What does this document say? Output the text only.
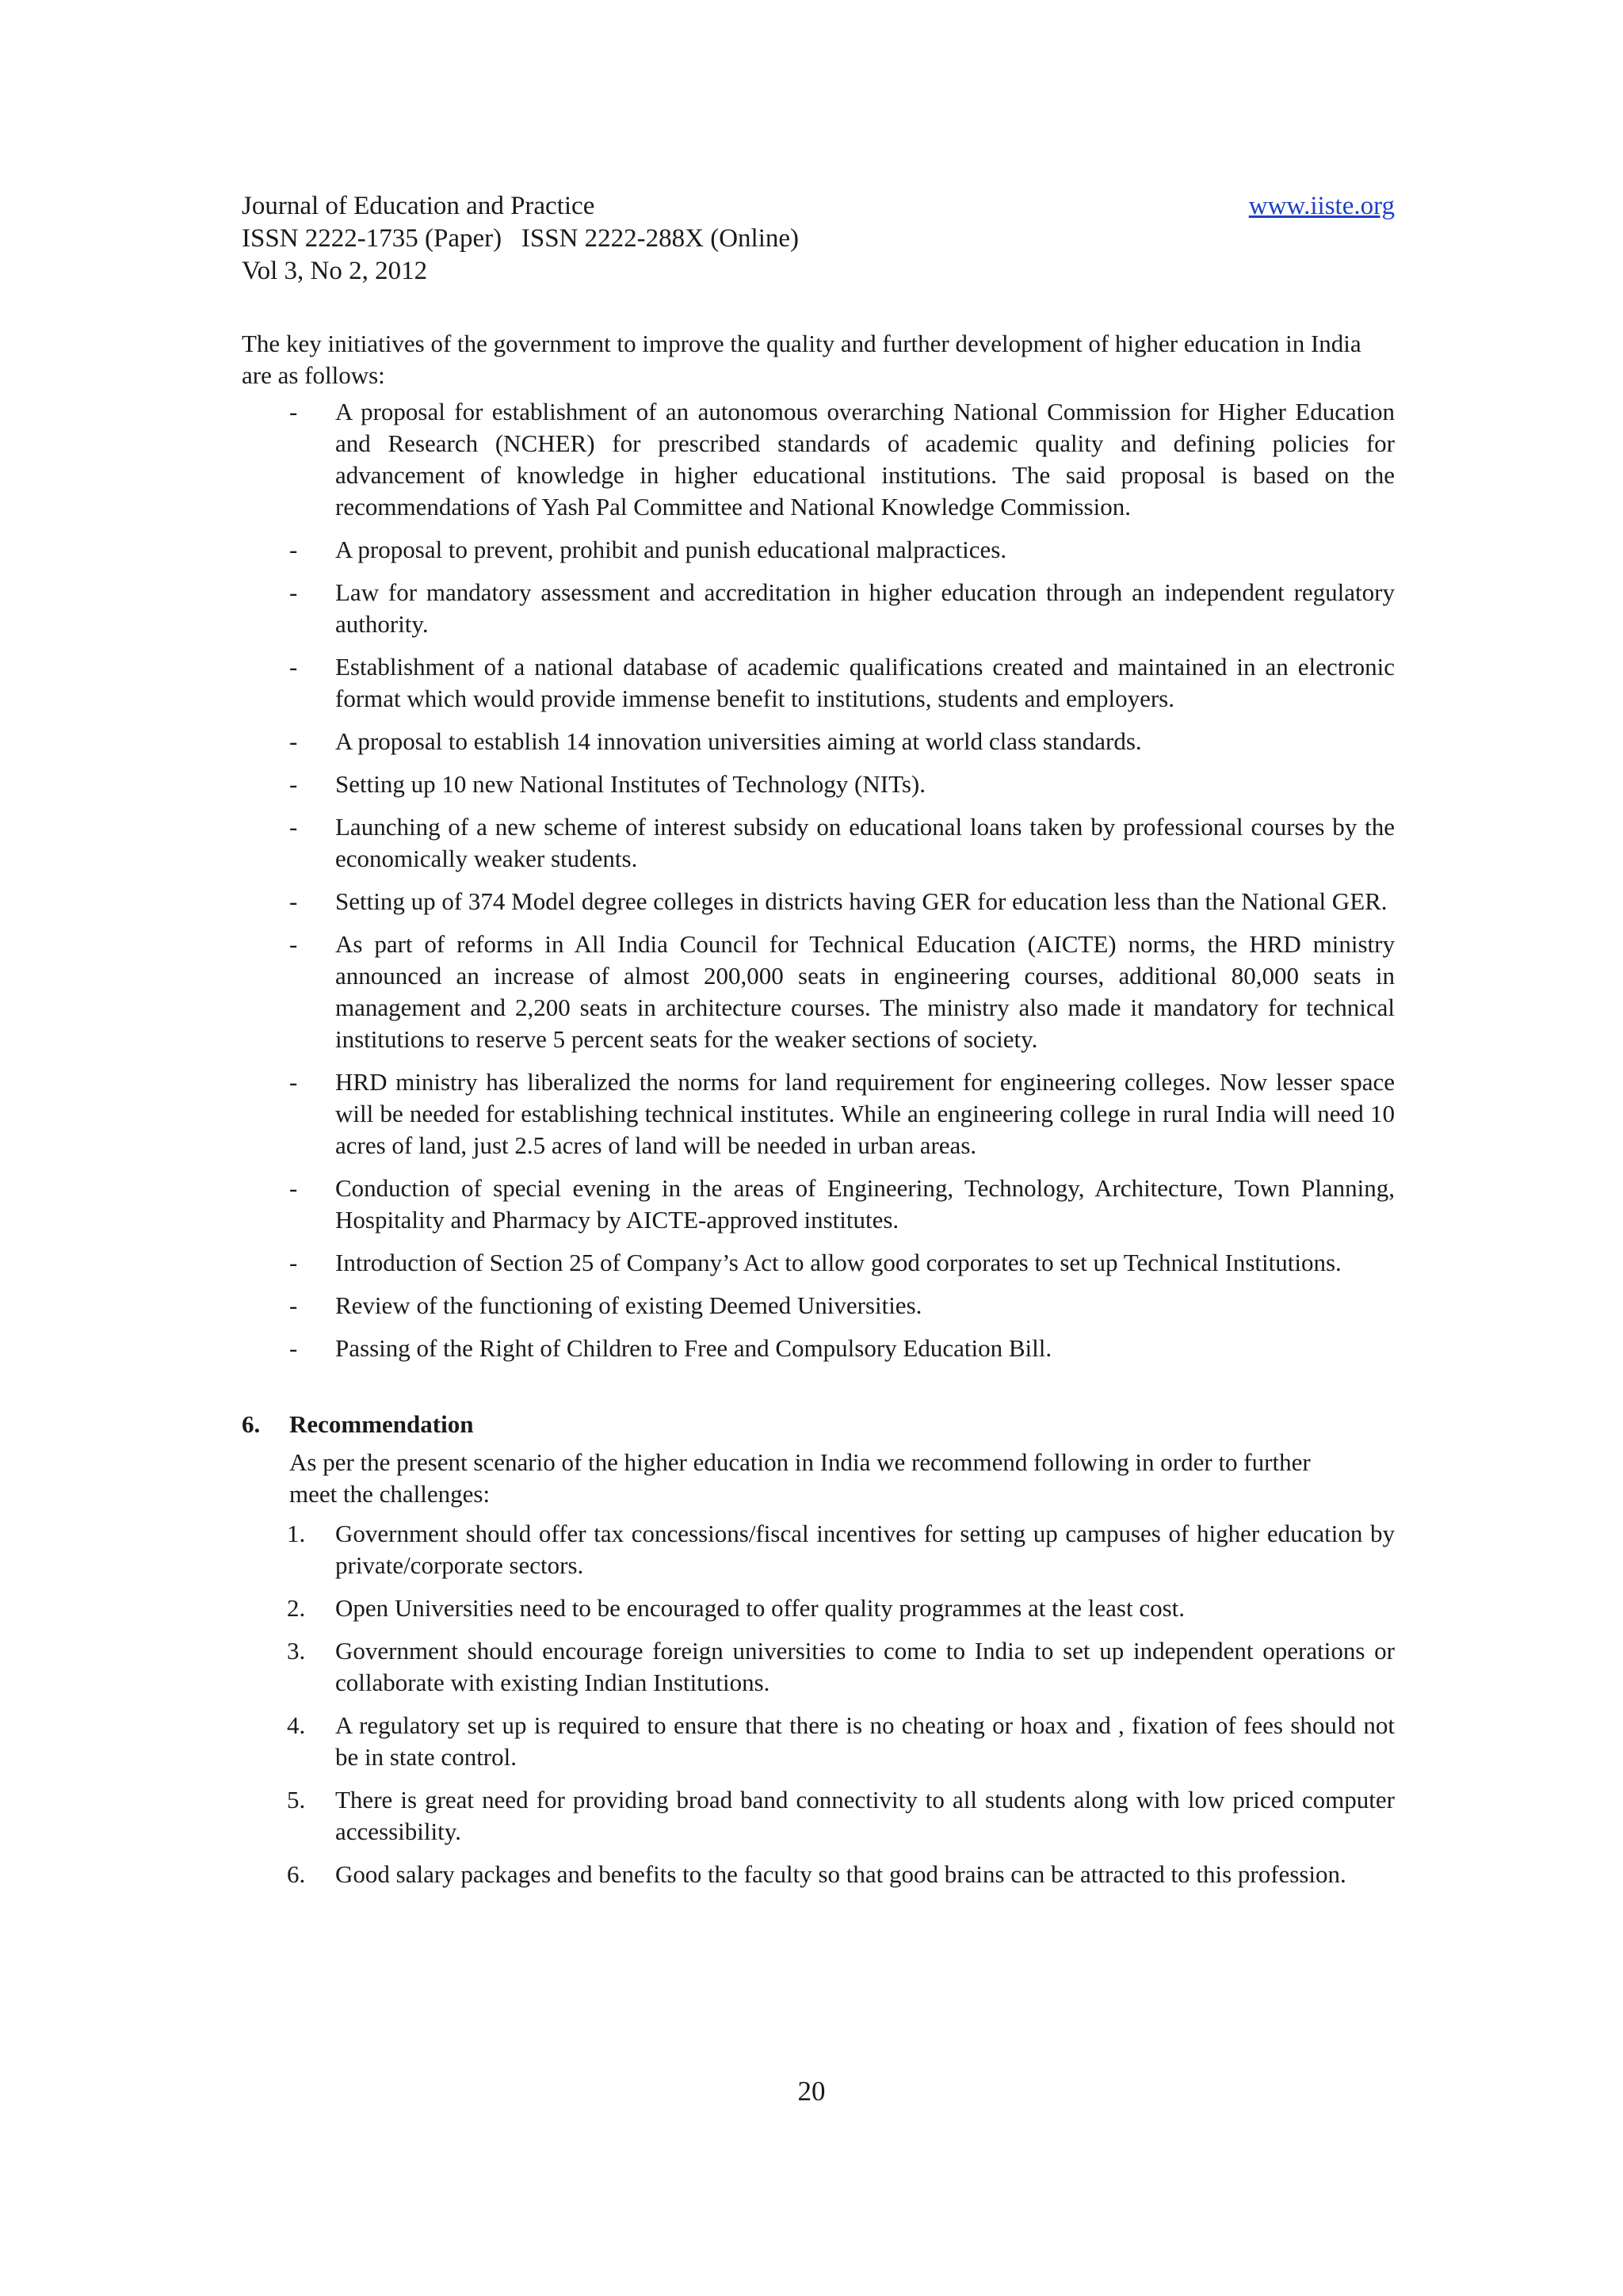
Journal of Education and Practice	www.iiste.org
ISSN 2222-1735 (Paper)   ISSN 2222-288X (Online)
Vol 3, No 2, 2012

The key initiatives of the government to improve the quality and further development of higher education in India are as follows:

- A proposal for establishment of an autonomous overarching National Commission for Higher Education and Research (NCHER) for prescribed standards of academic quality and defining policies for advancement of knowledge in higher educational institutions. The said proposal is based on the recommendations of Yash Pal Committee and National Knowledge Commission.
- A proposal to prevent, prohibit and punish educational malpractices.
- Law for mandatory assessment and accreditation in higher education through an independent regulatory authority.
- Establishment of a national database of academic qualifications created and maintained in an electronic format which would provide immense benefit to institutions, students and employers.
- A proposal to establish 14 innovation universities aiming at world class standards.
- Setting up 10 new National Institutes of Technology (NITs).
- Launching of a new scheme of interest subsidy on educational loans taken by professional courses by the economically weaker students.
- Setting up of 374 Model degree colleges in districts having GER for education less than the National GER.
- As part of reforms in All India Council for Technical Education (AICTE) norms, the HRD ministry announced an increase of almost 200,000 seats in engineering courses, additional 80,000 seats in management and 2,200 seats in architecture courses. The ministry also made it mandatory for technical institutions to reserve 5 percent seats for the weaker sections of society.
- HRD ministry has liberalized the norms for land requirement for engineering colleges. Now lesser space will be needed for establishing technical institutes. While an engineering college in rural India will need 10 acres of land, just 2.5 acres of land will be needed in urban areas.
- Conduction of special evening in the areas of Engineering, Technology, Architecture, Town Planning, Hospitality and Pharmacy by AICTE-approved institutes.
- Introduction of Section 25 of Company’s Act to allow good corporates to set up Technical Institutions.
- Review of the functioning of existing Deemed Universities.
- Passing of the Right of Children to Free and Compulsory Education Bill.
6. Recommendation

As per the present scenario of the higher education in India we recommend following in order to further meet the challenges:

1. Government should offer tax concessions/fiscal incentives for setting up campuses of higher education by private/corporate sectors.
2. Open Universities need to be encouraged to offer quality programmes at the least cost.
3. Government should encourage foreign universities to come to India to set up independent operations or collaborate with existing Indian Institutions.
4. A regulatory set up is required to ensure that there is no cheating or hoax and , fixation of fees should not be in state control.
5. There is great need for providing broad band connectivity to all students along with low priced computer accessibility.
6. Good salary packages and benefits to the faculty so that good brains can be attracted to this profession.
20
